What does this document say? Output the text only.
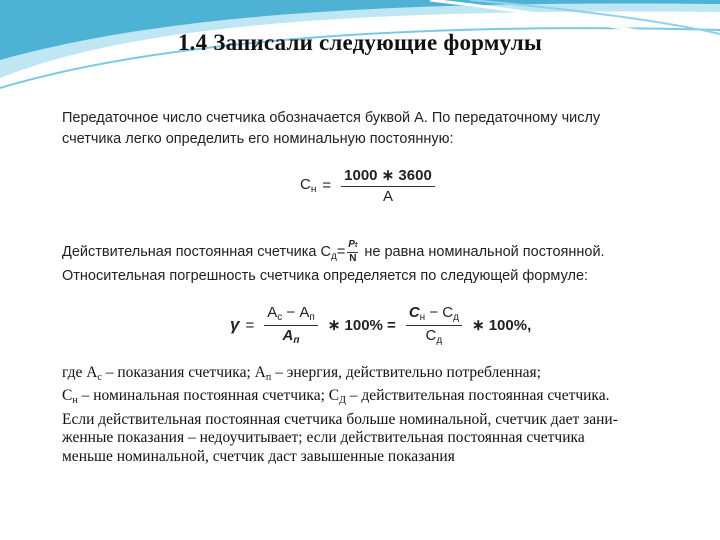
1.4 Записали следующие формулы

Передаточное число счетчика обозначается буквой А. По передаточному числу

счетчика легко определить его номинальную постоянную:

$С_н = \frac{1000 ∗ 3600}{А}$
Действительная постоянная счетчика $С_д= \frac{Pt}{N}$ не равна номинальной постоянной.
Относительная погрешность счетчика определяется по следующей формуле:
$\gamma = \frac{А_с - А_п}{А_п}$ ∗ $100\% = \frac{С_н - С_д}{С_д}$ ∗ 100%,

где $А_с$ – показания счетчика; $А_п$ – энергия, действительно потребленная;

$С_н$ – номинальная постоянная счетчика; $С_Д$ – действительная постоянная счетчика.

Если действительная постоянная счетчика больше номинальной, счетчик дает зани-

женные показания – недоучитывает; если действительная постоянная счетчика

меньше номинальной, счетчик даст завышенные показания
